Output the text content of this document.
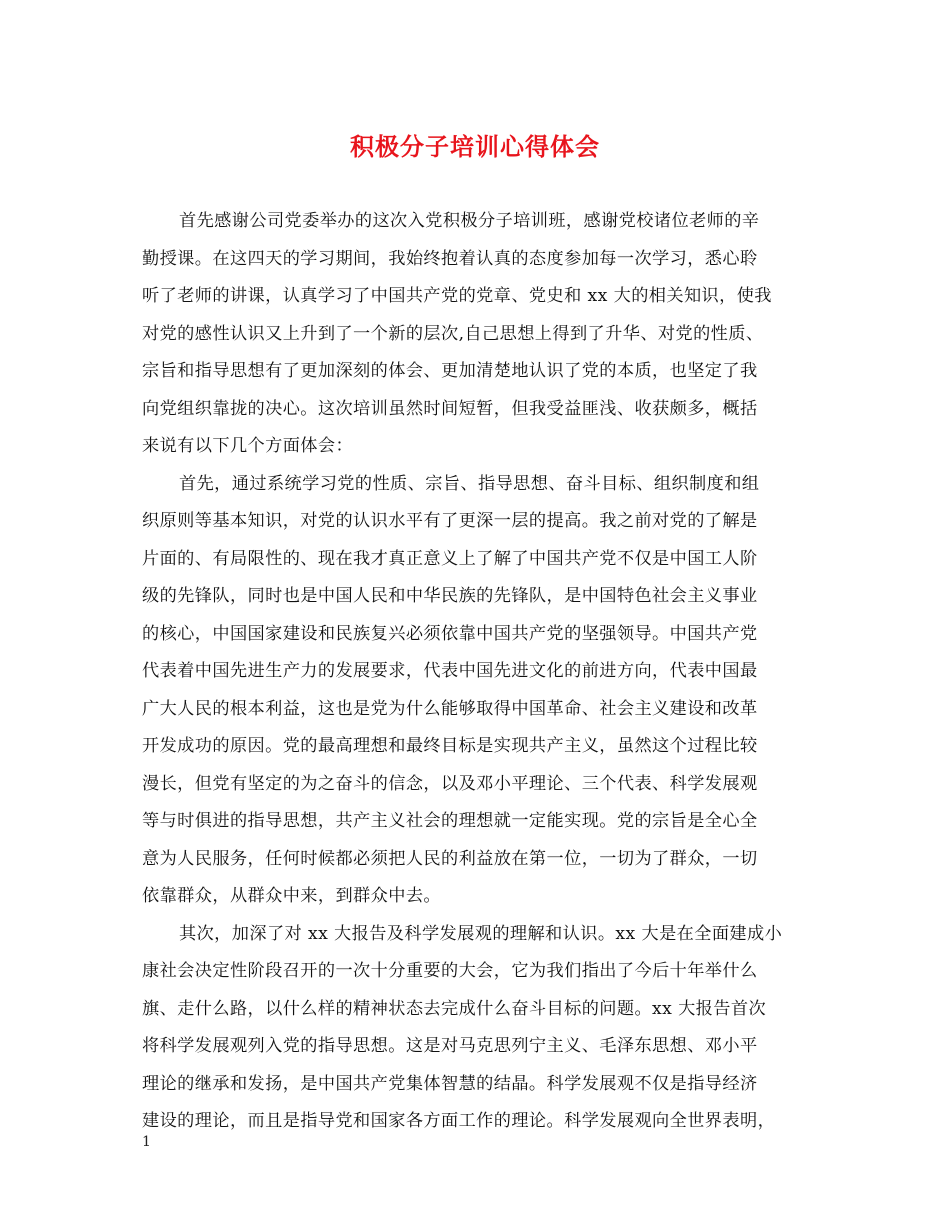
积极分子培训心得体会
首先感谢公司党委举办的这次入党积极分子培训班，感谢党校诸位老师的辛
勤授课。在这四天的学习期间，我始终抱着认真的态度参加每一次学习，悉心聆
听了老师的讲课，认真学习了中国共产党的党章、党史和 xx 大的相关知识，使我
对党的感性认识又上升到了一个新的层次,自己思想上得到了升华、对党的性质、
宗旨和指导思想有了更加深刻的体会、更加清楚地认识了党的本质，也坚定了我
向党组织靠拢的决心。这次培训虽然时间短暂，但我受益匪浅、收获颇多，概括
来说有以下几个方面体会：
首先，通过系统学习党的性质、宗旨、指导思想、奋斗目标、组织制度和组
织原则等基本知识，对党的认识水平有了更深一层的提高。我之前对党的了解是
片面的、有局限性的、现在我才真正意义上了解了中国共产党不仅是中国工人阶
级的先锋队，同时也是中国人民和中华民族的先锋队，是中国特色社会主义事业
的核心，中国国家建设和民族复兴必须依靠中国共产党的坚强领导。中国共产党
代表着中国先进生产力的发展要求，代表中国先进文化的前进方向，代表中国最
广大人民的根本利益，这也是党为什么能够取得中国革命、社会主义建设和改革
开发成功的原因。党的最高理想和最终目标是实现共产主义，虽然这个过程比较
漫长，但党有坚定的为之奋斗的信念，以及邓小平理论、三个代表、科学发展观
等与时俱进的指导思想，共产主义社会的理想就一定能实现。党的宗旨是全心全
意为人民服务，任何时候都必须把人民的利益放在第一位，一切为了群众，一切
依靠群众，从群众中来，到群众中去。
其次，加深了对 xx 大报告及科学发展观的理解和认识。xx 大是在全面建成小
康社会决定性阶段召开的一次十分重要的大会，它为我们指出了今后十年举什么
旗、走什么路，以什么样的精神状态去完成什么奋斗目标的问题。xx 大报告首次
将科学发展观列入党的指导思想。这是对马克思列宁主义、毛泽东思想、邓小平
理论的继承和发扬，是中国共产党集体智慧的结晶。科学发展观不仅是指导经济
建设的理论，而且是指导党和国家各方面工作的理论。科学发展观向全世界表明，
1
